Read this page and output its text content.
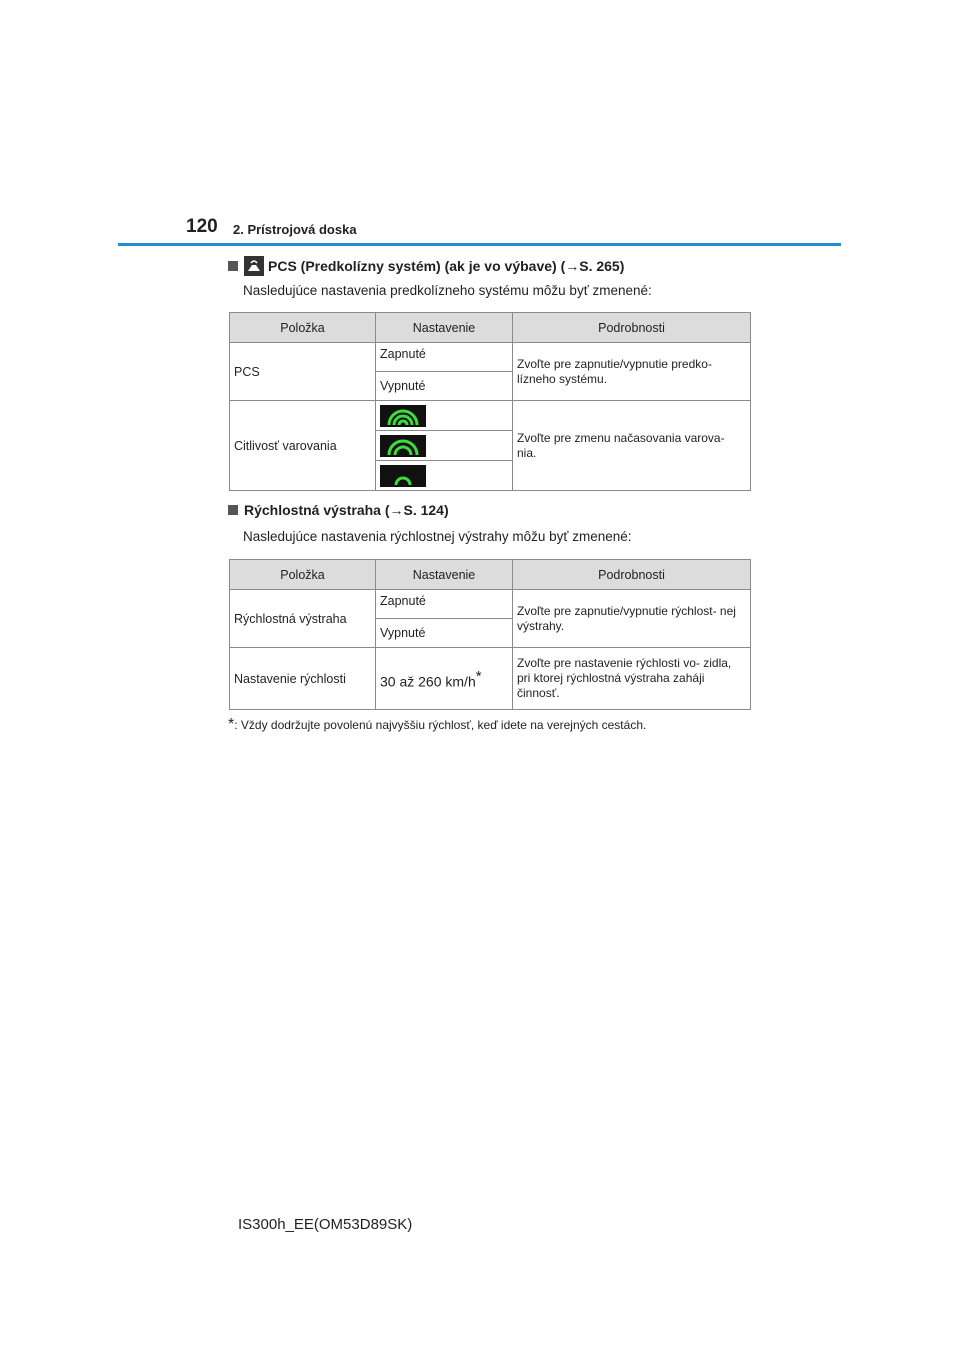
120 2. Prístrojová doska
PCS (Predkolízny systém) (ak je vo výbave) (→S. 265)
Nasledujúce nastavenia predkolízneho systému môžu byť zmenené:
Položka	Nastavenie	Podrobnosti
PCS	Zapnuté	Zvoľte pre zapnutie/vypnutie predko- lízneho systému.
	Vypnuté	
Citlivosť varovania		Zvoľte pre zmenu načasovania varova- nia.

Rýchlostná výstraha (→S. 124)
Nasledujúce nastavenia rýchlostnej výstrahy môžu byť zmenené:
Položka	Nastavenie	Podrobnosti
Rýchlostná výstraha	Zapnuté	Zvoľte pre zapnutie/vypnutie rýchlost- nej výstrahy.
	Vypnuté	
Nastavenie rýchlosti	30 až 260 km/h*	Zvoľte pre nastavenie rýchlosti vo- zidla, pri ktorej rýchlostná výstraha zaháji činnosť.
*: Vždy dodržujte povolenú najvyššiu rýchlosť, keď idete na verejných cestách.
IS300h_EE(OM53D89SK)
